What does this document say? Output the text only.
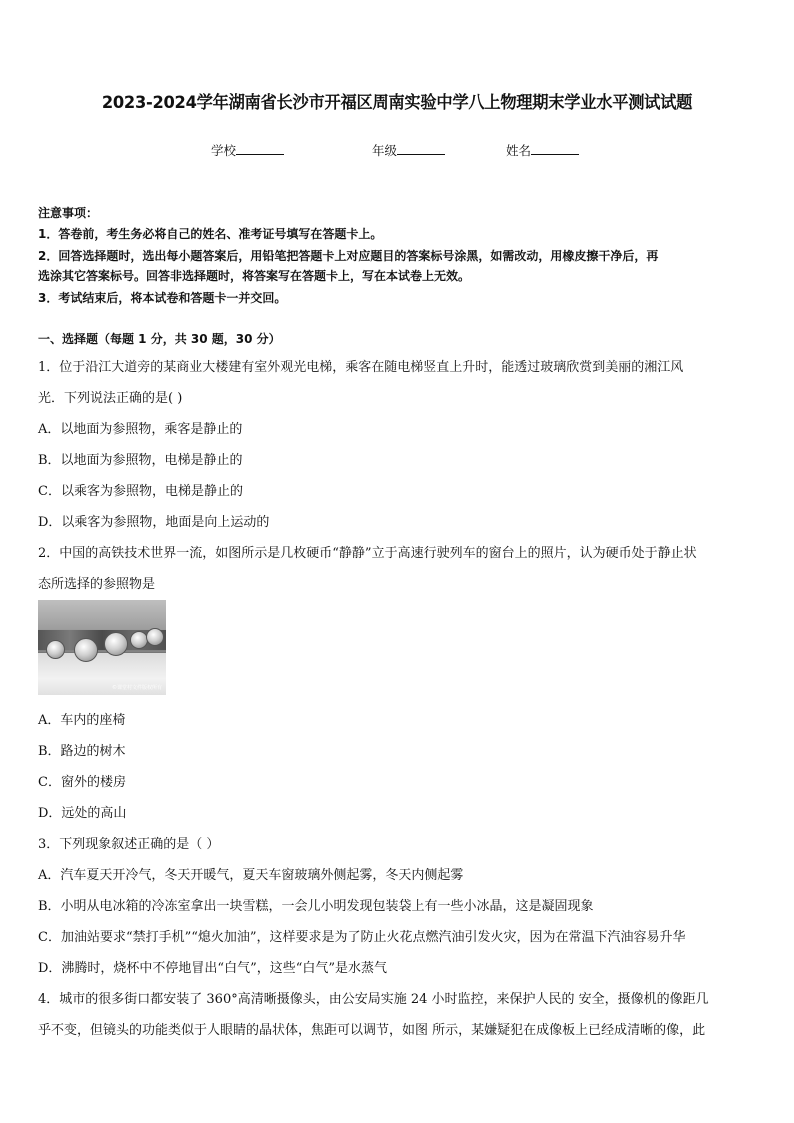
2023-2024学年湖南省长沙市开福区周南实验中学八上物理期末学业水平测试试题
学校	年级	姓名
注意事项：
1．答卷前，考生务必将自己的姓名、准考证号填写在答题卡上。
2．回答选择题时，选出每小题答案后，用铅笔把答题卡上对应题目的答案标号涂黑，如需改动，用橡皮擦干净后，再
选涂其它答案标号。回答非选择题时，将答案写在答题卡上，写在本试卷上无效。
3．考试结束后，将本试卷和答题卡一并交回。
一、选择题（每题 1 分，共 30 题，30 分）
1．位于沿江大道旁的某商业大楼建有室外观光电梯，乘客在随电梯竖直上升时，能透过玻璃欣赏到美丽的湘江风
光．下列说法正确的是( )
A．以地面为参照物，乘客是静止的
B．以地面为参照物，电梯是静止的
C．以乘客为参照物，电梯是静止的
D．以乘客为参照物，地面是向上运动的
2．中国的高铁技术世界一流，如图所示是几枚硬币“静静”立于高速行驶列车的窗台上的照片，认为硬币处于静止状
态所选择的参照物是
©课堂村文件版权所有
A．车内的座椅
B．路边的树木
C．窗外的楼房
D．远处的高山
3．下列现象叙述正确的是（ ）
A．汽车夏天开冷气，冬天开暖气，夏天车窗玻璃外侧起雾，冬天内侧起雾
B．小明从电冰箱的冷冻室拿出一块雪糕，一会儿小明发现包装袋上有一些小冰晶，这是凝固现象
C．加油站要求“禁打手机”“熄火加油”，这样要求是为了防止火花点燃汽油引发火灾，因为在常温下汽油容易升华
D．沸腾时，烧杯中不停地冒出“白气”，这些“白气”是水蒸气
4．城市的很多街口都安装了 360°高清晰摄像头，由公安局实施 24 小时监控，来保护人民的 安全，摄像机的像距几
乎不变，但镜头的功能类似于人眼睛的晶状体，焦距可以调节，如图 所示，某嫌疑犯在成像板上已经成清晰的像，此
